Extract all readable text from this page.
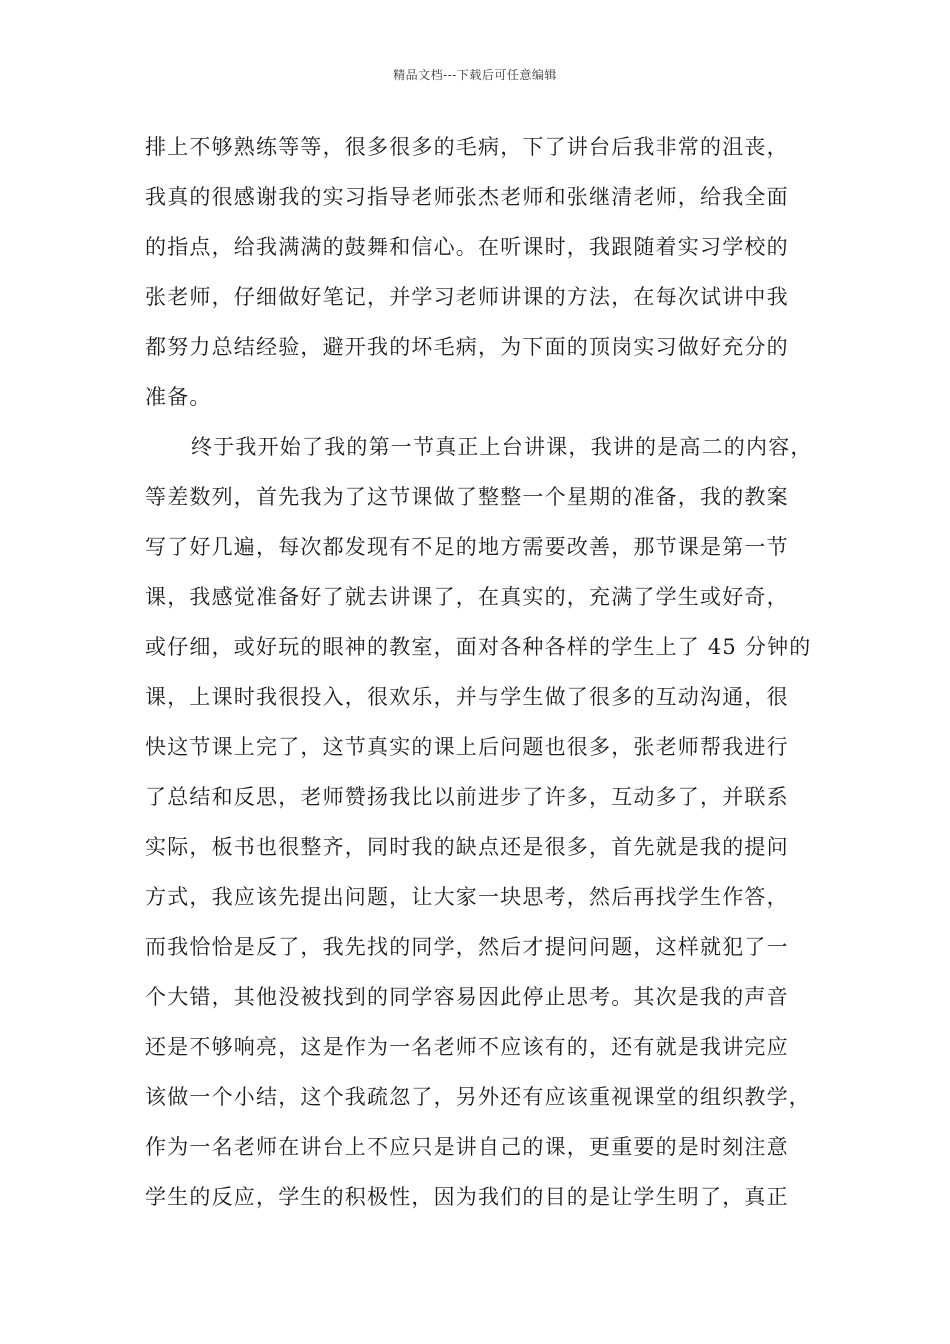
精品文档---下载后可任意编辑
排上不够熟练等等，很多很多的毛病，下了讲台后我非常的沮丧，
我真的很感谢我的实习指导老师张杰老师和张继清老师，给我全面
的指点，给我满满的鼓舞和信心。在听课时，我跟随着实习学校的
张老师，仔细做好笔记，并学习老师讲课的方法，在每次试讲中我
都努力总结经验，避开我的坏毛病，为下面的顶岗实习做好充分的
准备。
终于我开始了我的第一节真正上台讲课，我讲的是高二的内容，
等差数列，首先我为了这节课做了整整一个星期的准备，我的教案
写了好几遍，每次都发现有不足的地方需要改善，那节课是第一节
课，我感觉准备好了就去讲课了，在真实的，充满了学生或好奇，
或仔细，或好玩的眼神的教室，面对各种各样的学生上了 45 分钟的
课，上课时我很投入，很欢乐，并与学生做了很多的互动沟通，很
快这节课上完了，这节真实的课上后问题也很多，张老师帮我进行
了总结和反思，老师赞扬我比以前进步了许多，互动多了，并联系
实际，板书也很整齐，同时我的缺点还是很多，首先就是我的提问
方式，我应该先提出问题，让大家一块思考，然后再找学生作答，
而我恰恰是反了，我先找的同学，然后才提问问题，这样就犯了一
个大错，其他没被找到的同学容易因此停止思考。其次是我的声音
还是不够响亮，这是作为一名老师不应该有的，还有就是我讲完应
该做一个小结，这个我疏忽了，另外还有应该重视课堂的组织教学，
作为一名老师在讲台上不应只是讲自己的课，更重要的是时刻注意
学生的反应，学生的积极性，因为我们的目的是让学生明了，真正
